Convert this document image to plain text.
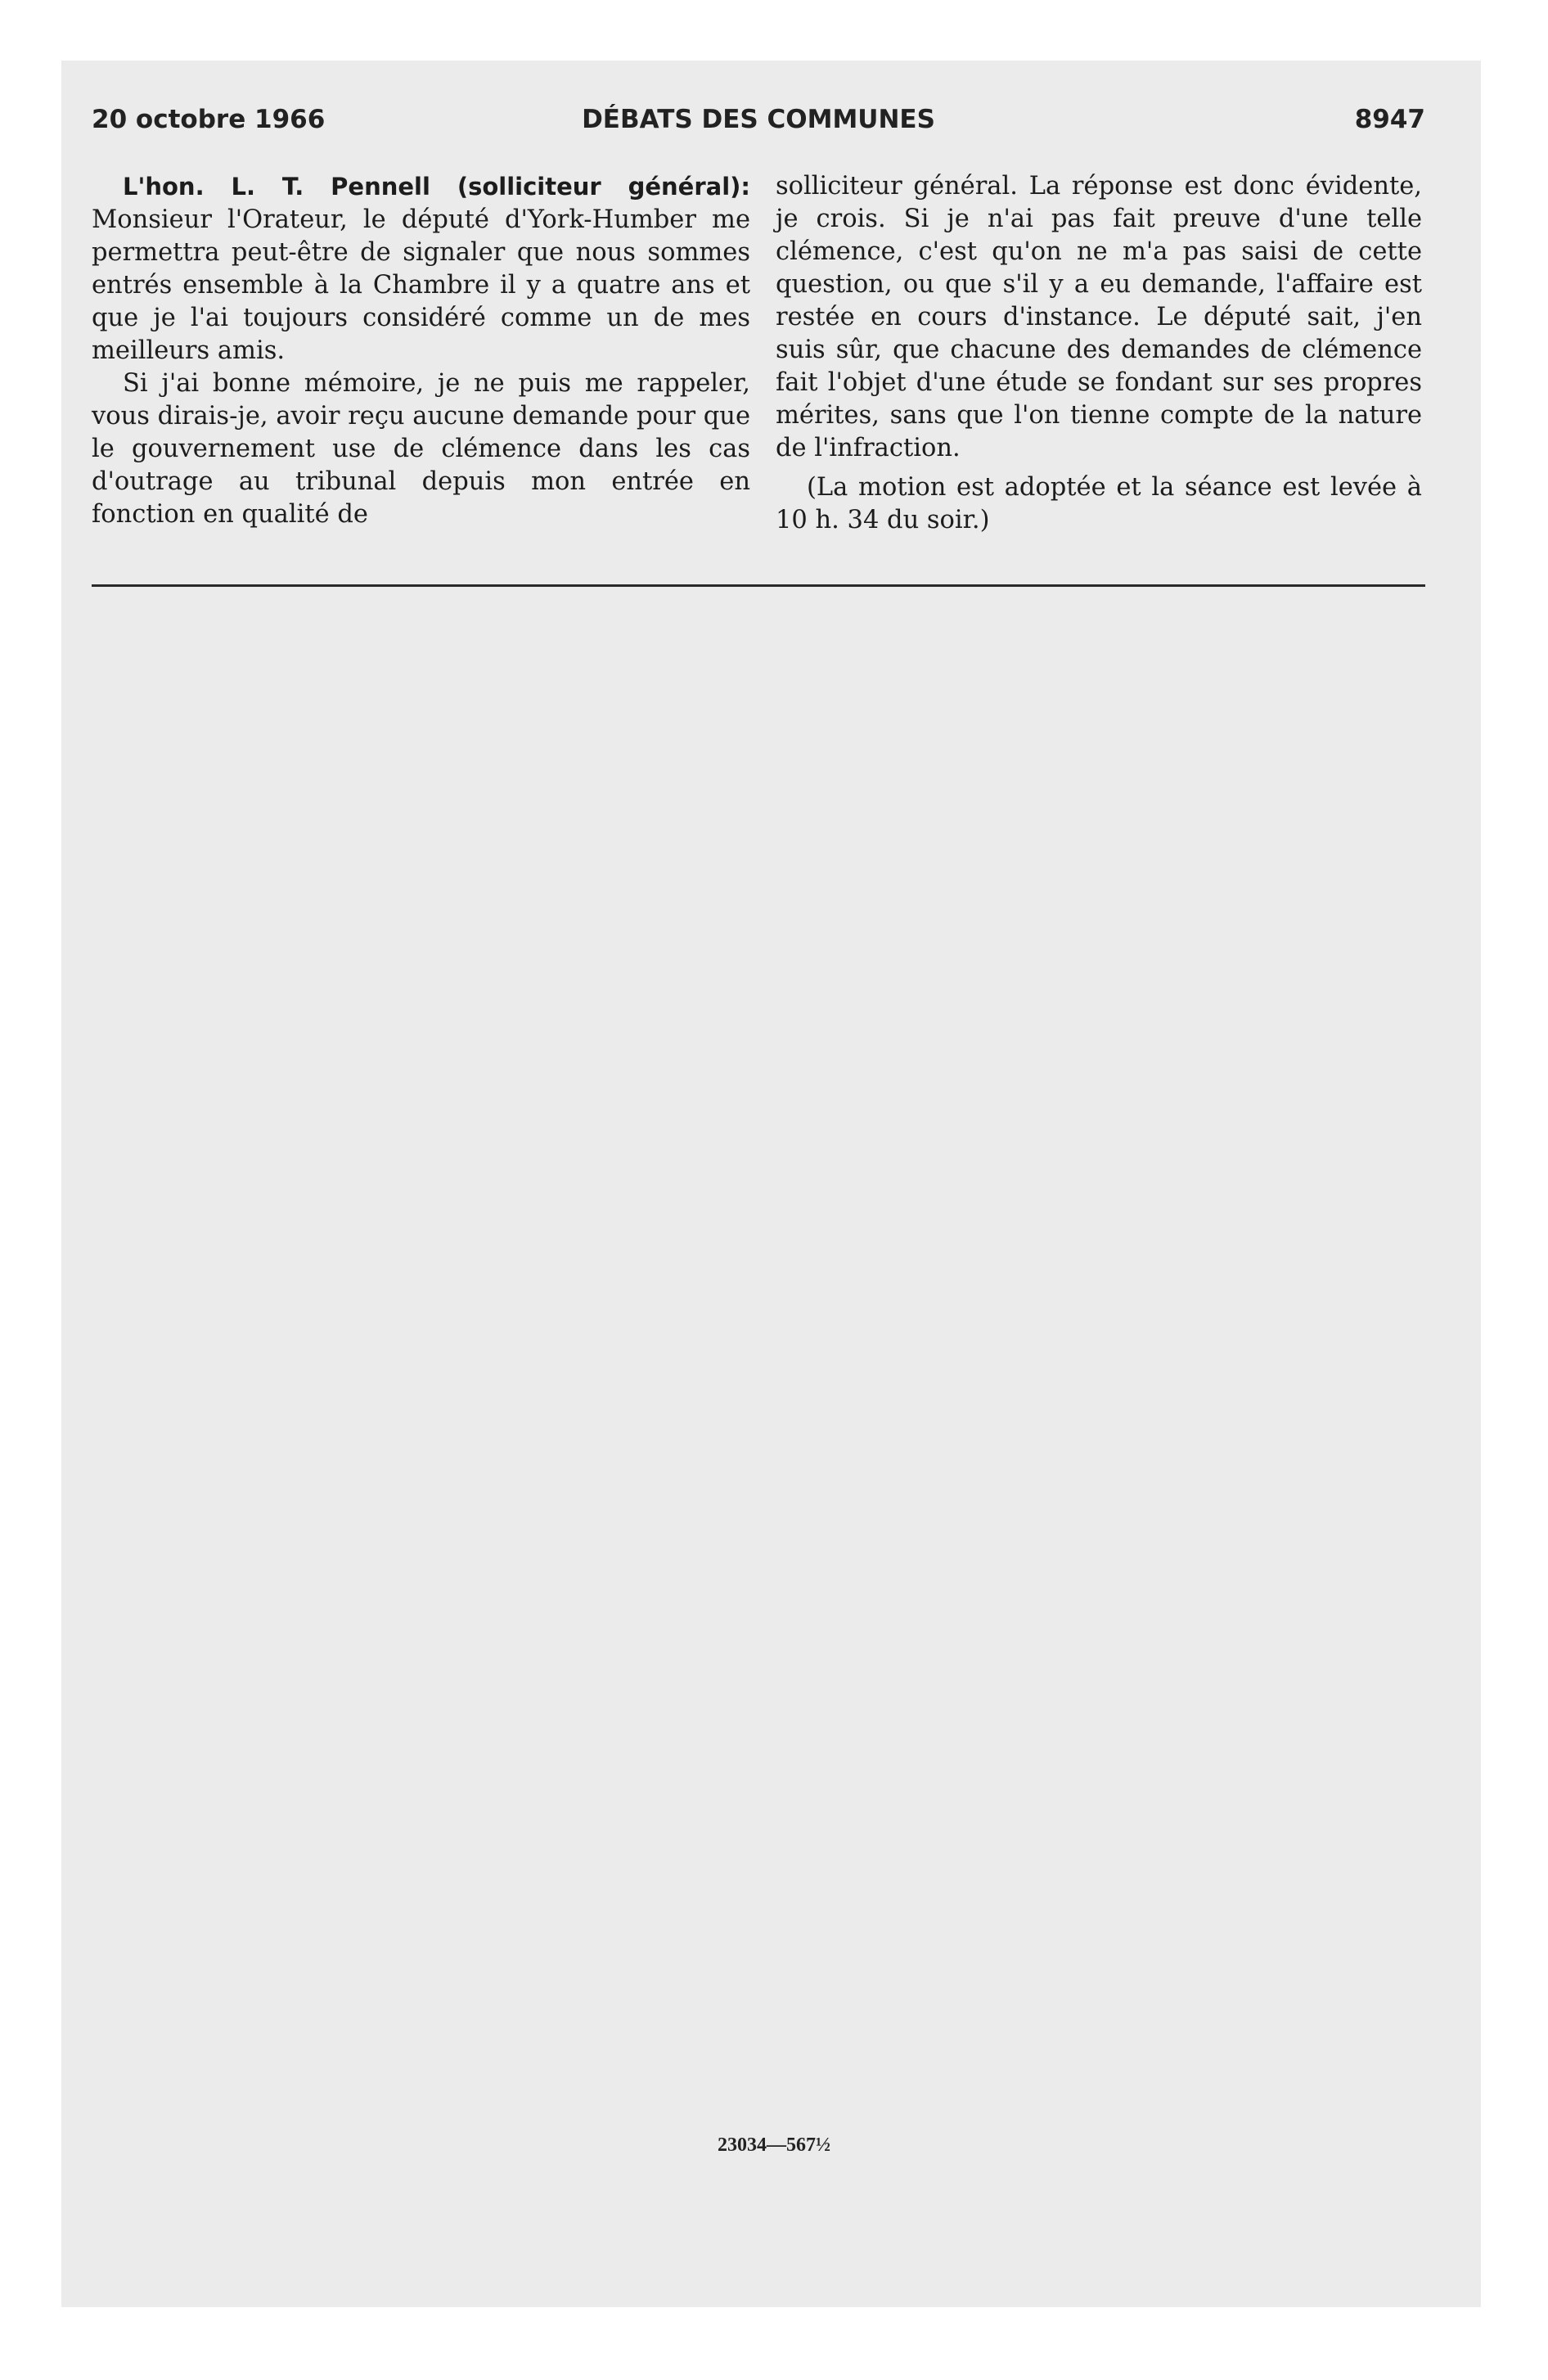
20 octobre 1966	DÉBATS DES COMMUNES	8947

L'hon. L. T. Pennell (solliciteur général): Monsieur l'Orateur, le député d'York-Humber me permettra peut-être de signaler que nous sommes entrés ensemble à la Chambre il y a quatre ans et que je l'ai toujours considéré comme un de mes meilleurs amis.

Si j'ai bonne mémoire, je ne puis me rappeler, vous dirais-je, avoir reçu aucune demande pour que le gouvernement use de clémence dans les cas d'outrage au tribunal depuis mon entrée en fonction en qualité de

solliciteur général. La réponse est donc évidente, je crois. Si je n'ai pas fait preuve d'une telle clémence, c'est qu'on ne m'a pas saisi de cette question, ou que s'il y a eu demande, l'affaire est restée en cours d'instance. Le député sait, j'en suis sûr, que chacune des demandes de clémence fait l'objet d'une étude se fondant sur ses propres mérites, sans que l'on tienne compte de la nature de l'infraction.

(La motion est adoptée et la séance est levée à 10 h. 34 du soir.)

23034—567½
